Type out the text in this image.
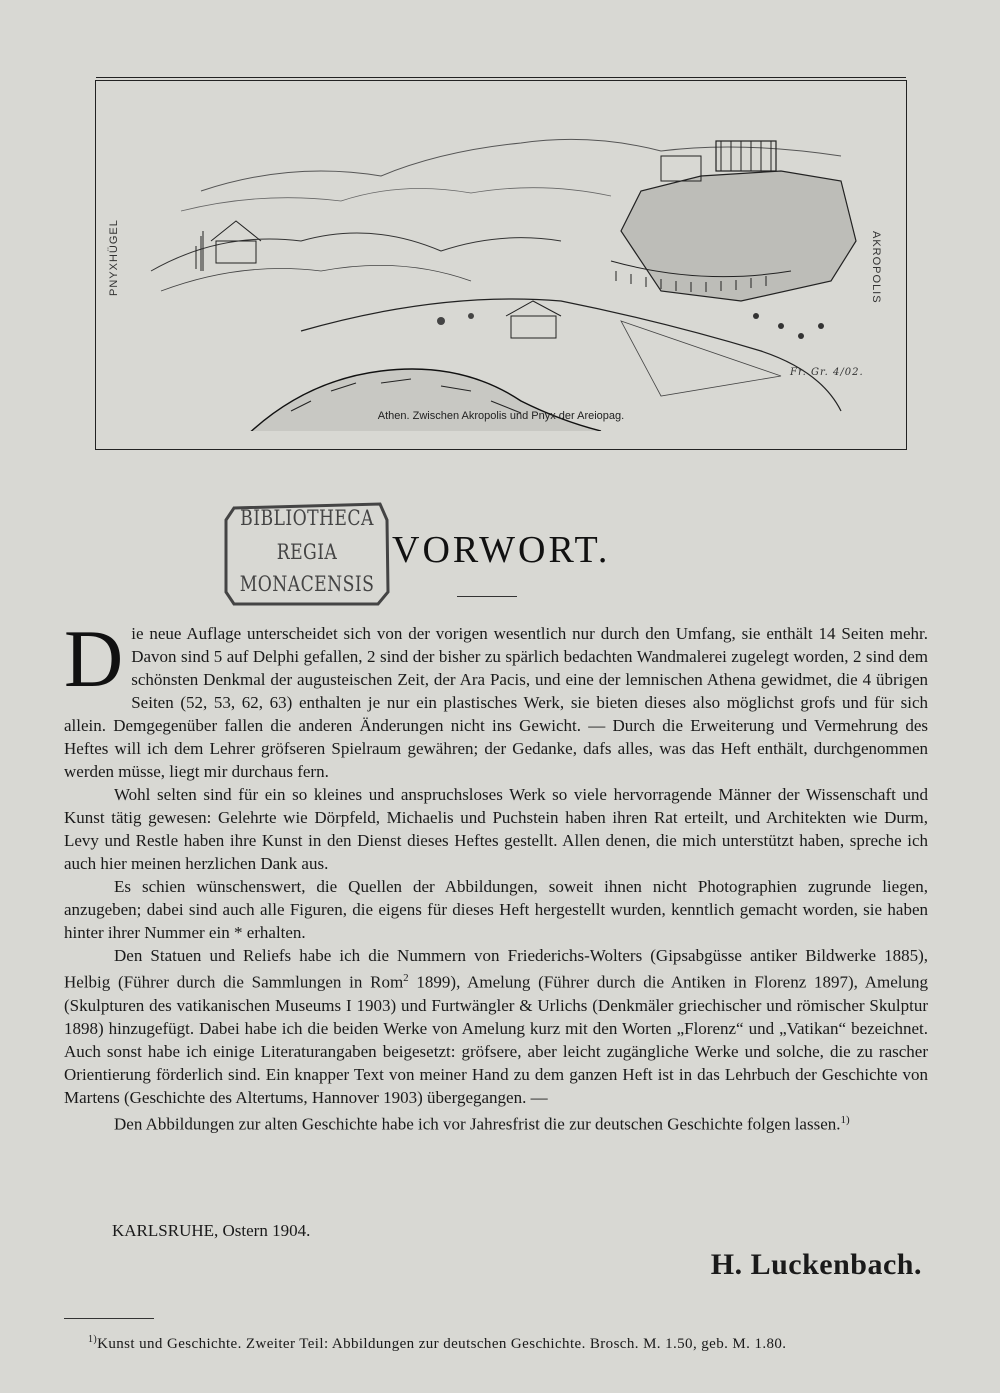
PNYXHÜGEL	AKROPOLIS
Fr. Gr. 4/02.
Athen. Zwischen Akropolis und Pnyx der Areiopag.
BIBLIOTHECA
REGIA
MONACENSIS
VORWORT.

Die neue Auflage unterscheidet sich von der vorigen wesentlich nur durch den Umfang, sie enthält 14 Seiten mehr. Davon sind 5 auf Delphi gefallen, 2 sind der bisher zu spärlich bedachten Wandmalerei zugelegt worden, 2 sind dem schönsten Denkmal der augusteischen Zeit, der Ara Pacis, und eine der lemnischen Athena gewidmet, die 4 übrigen Seiten (52, 53, 62, 63) enthalten je nur ein plastisches Werk, sie bieten dieses also möglichst grofs und für sich allein. Demgegenüber fallen die anderen Änderungen nicht ins Gewicht. — Durch die Erweiterung und Vermehrung des Heftes will ich dem Lehrer gröfseren Spielraum gewähren; der Gedanke, dafs alles, was das Heft enthält, durchgenommen werden müsse, liegt mir durchaus fern.

Wohl selten sind für ein so kleines und anspruchsloses Werk so viele hervorragende Männer der Wissenschaft und Kunst tätig gewesen: Gelehrte wie Dörpfeld, Michaelis und Puchstein haben ihren Rat erteilt, und Architekten wie Durm, Levy und Restle haben ihre Kunst in den Dienst dieses Heftes gestellt. Allen denen, die mich unterstützt haben, spreche ich auch hier meinen herzlichen Dank aus.

Es schien wünschenswert, die Quellen der Abbildungen, soweit ihnen nicht Photographien zugrunde liegen, anzugeben; dabei sind auch alle Figuren, die eigens für dieses Heft hergestellt wurden, kenntlich gemacht worden, sie haben hinter ihrer Nummer ein * erhalten.

Den Statuen und Reliefs habe ich die Nummern von Friederichs-Wolters (Gipsabgüsse antiker Bildwerke 1885), Helbig (Führer durch die Sammlungen in Rom$^2$ 1899), Amelung (Führer durch die Antiken in Florenz 1897), Amelung (Skulpturen des vatikanischen Museums I 1903) und Furtwängler & Urlichs (Denkmäler griechischer und römischer Skulptur 1898) hinzugefügt. Dabei habe ich die beiden Werke von Amelung kurz mit den Worten „Florenz“ und „Vatikan“ bezeichnet. Auch sonst habe ich einige Literaturangaben beigesetzt: gröfsere, aber leicht zugängliche Werke und solche, die zu rascher Orientierung förderlich sind. Ein knapper Text von meiner Hand zu dem ganzen Heft ist in das Lehrbuch der Geschichte von Martens (Geschichte des Altertums, Hannover 1903) übergegangen. —

Den Abbildungen zur alten Geschichte habe ich vor Jahresfrist die zur deutschen Geschichte folgen lassen.$^{1)}$

KARLSRUHE, Ostern 1904.
H. Luckenbach.
$^{1)}$Kunst und Geschichte. Zweiter Teil: Abbildungen zur deutschen Geschichte. Brosch. M. 1.50, geb. M. 1.80.
